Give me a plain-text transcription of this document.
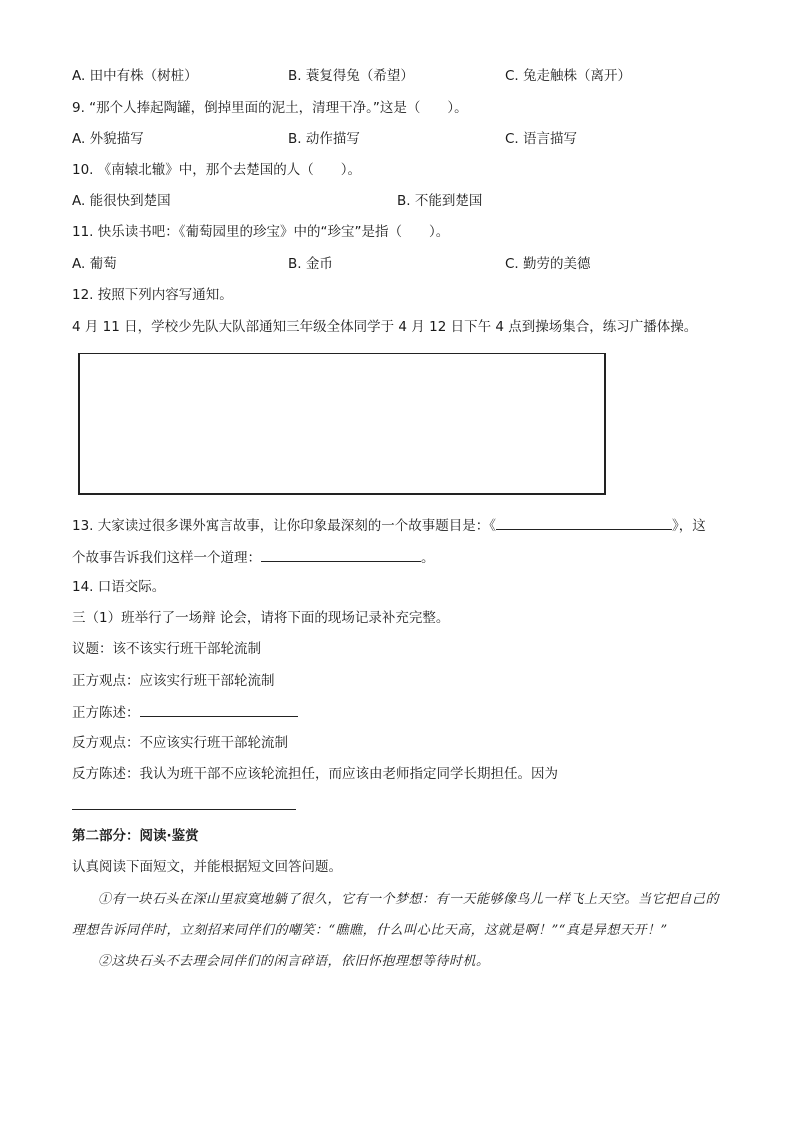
A. 田中有株（树桩）	B. 蓑复得兔（希望）	C. 兔走触株（离开）
9. “那个人捧起陶罐，倒掉里面的泥土，清理干净。”这是（　　）。
A. 外貌描写	B. 动作描写	C. 语言描写
10. 《南辕北辙》中，那个去楚国的人（　　）。
A. 能很快到楚国	B. 不能到楚国
11. 快乐读书吧：《葡萄园里的珍宝》中的“珍宝”是指（　　）。
A. 葡萄	B. 金币	C. 勤劳的美德
12. 按照下列内容写通知。
4 月 11 日，学校少先队大队部通知三年级全体同学于 4 月 12 日下午 4 点到操场集合，练习广播体操。
13. 大家读过很多课外寓言故事，让你印象最深刻的一个故事题目是：《	》，这
个故事告诉我们这样一个道理：	。
14. 口语交际。
三（1）班举行了一场辩 论会，请将下面的现场记录补充完整。
议题：该不该实行班干部轮流制
正方观点：应该实行班干部轮流制
正方陈述：
反方观点：不应该实行班干部轮流制
反方陈述：我认为班干部不应该轮流担任，而应该由老师指定同学长期担任。因为
第二部分：阅读·鉴赏
认真阅读下面短文，并能根据短文回答问题。

①有一块石头在深山里寂寞地躺了很久，它有一个梦想：有一天能够像鸟儿一样飞上天空。当它把自己的理想告诉同伴时，立刻招来同伴们的嘲笑：“瞧瞧，什么叫心比天高，这就是啊！”“真是异想天开！”

②这块石头不去理会同伴们的闲言碎语，依旧怀抱理想等待时机。
